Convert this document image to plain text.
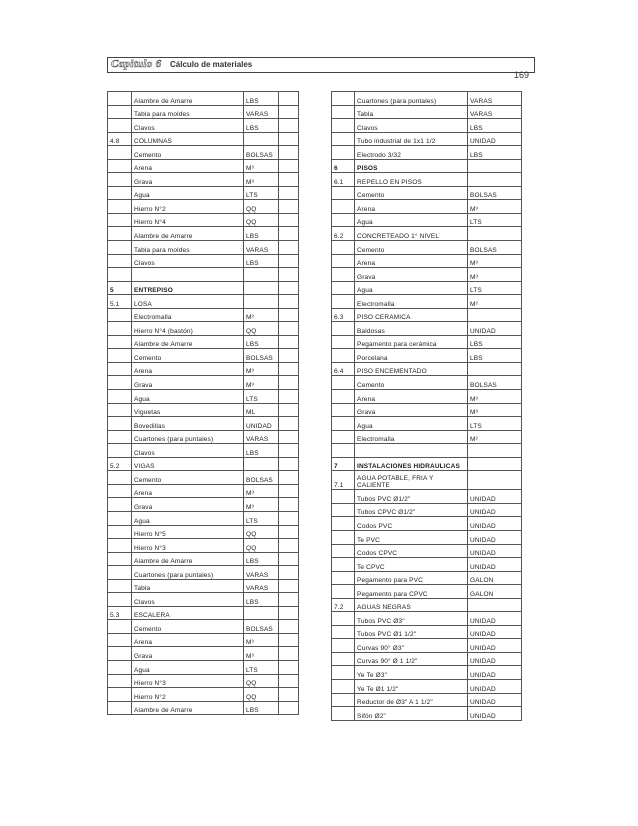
Capitulo 6 Cálculo de materiales
169
	Alambre de Amarre	LBS	
	Tabla para moldes	VARAS	
	Clavos	LBS	
4.8	COLUMNAS		
	Cemento	BOLSAS	
	Arena	M³	
	Grava	M³	
	Agua	LTS	
	Hierro N°2	QQ	
	Hierro N°4	QQ	
	Alambre de Amarre	LBS	
	Tabla para moldes	VARAS	
	Clavos	LBS	

5	ENTREPISO		
5.1	LOSA		
	Electromalla	M²	
	Hierro N°4 (bastón)	QQ	
	Alambre de Amarre	LBS	
	Cemento	BOLSAS	
	Arena	M³	
	Grava	M³	
	Agua	LTS	
	Viguetas	ML	
	Bovedillas	UNIDAD	
	Cuartones (para puntales)	VARAS	
	Clavos	LBS	
5.2	VIGAS		
	Cemento	BOLSAS	
	Arena	M³	
	Grava	M³	
	Agua	LTS	
	Hierro N°5	QQ	
	Hierro N°3	QQ	
	Alambre de Amarre	LBS	
	Cuartones (para puntales)	VARAS	
	Tabla	VARAS	
	Clavos	LBS	
5.3	ESCALERA		
	Cemento	BOLSAS	
	Arena	M³	
	Grava	M³	
	Agua	LTS	
	Hierro N°3	QQ	
	Hierro N°2	QQ	
	Alambre de Amarre	LBS	
	Cuartones (para puntales)	VARAS
	Tabla	VARAS
	Clavos	LBS
	Tubo industrial de 1x1 1/2	UNIDAD
	Electrodo 3/32	LBS
6	PISOS	
6.1	REPELLO EN PISOS	
	Cemento	BOLSAS
	Arena	M³
	Agua	LTS
6.2	CONCRETEADO 1° NIVEL	
	Cemento	BOLSAS
	Arena	M³
	Grava	M³
	Agua	LTS
	Electromalla	M²
6.3	PISO CERAMICA	
	Baldosas	UNIDAD
	Pegamento para cerámica	LBS
	Porcelana	LBS
6.4	PISO ENCEMENTADO	
	Cemento	BOLSAS
	Arena	M³
	Grava	M³
	Agua	LTS
	Electromalla	M²

7	INSTALACIONES HIDRAULICAS	
7.1	AGUA POTABLE, FRIA Y CALIENTE	
	Tubos PVC Ø1/2"	UNIDAD
	Tubos CPVC Ø1/2"	UNIDAD
	Codos PVC	UNIDAD
	Te PVC	UNIDAD
	Codos CPVC	UNIDAD
	Te CPVC	UNIDAD
	Pegamento para PVC	GALON
	Pegamento para CPVC	GALON
7.2	AGUAS NEGRAS	
	Tubos PVC Ø3"	UNIDAD
	Tubos PVC Ø1 1/2"	UNIDAD
	Curvas 90° Ø3"	UNIDAD
	Curvas 90° Ø 1 1/2"	UNIDAD
	Ye Te Ø3"	UNIDAD
	Ye Te Ø1 1/2"	UNIDAD
	Reductor de Ø3" A 1 1/2"	UNIDAD
	Sifón Ø2"	UNIDAD
